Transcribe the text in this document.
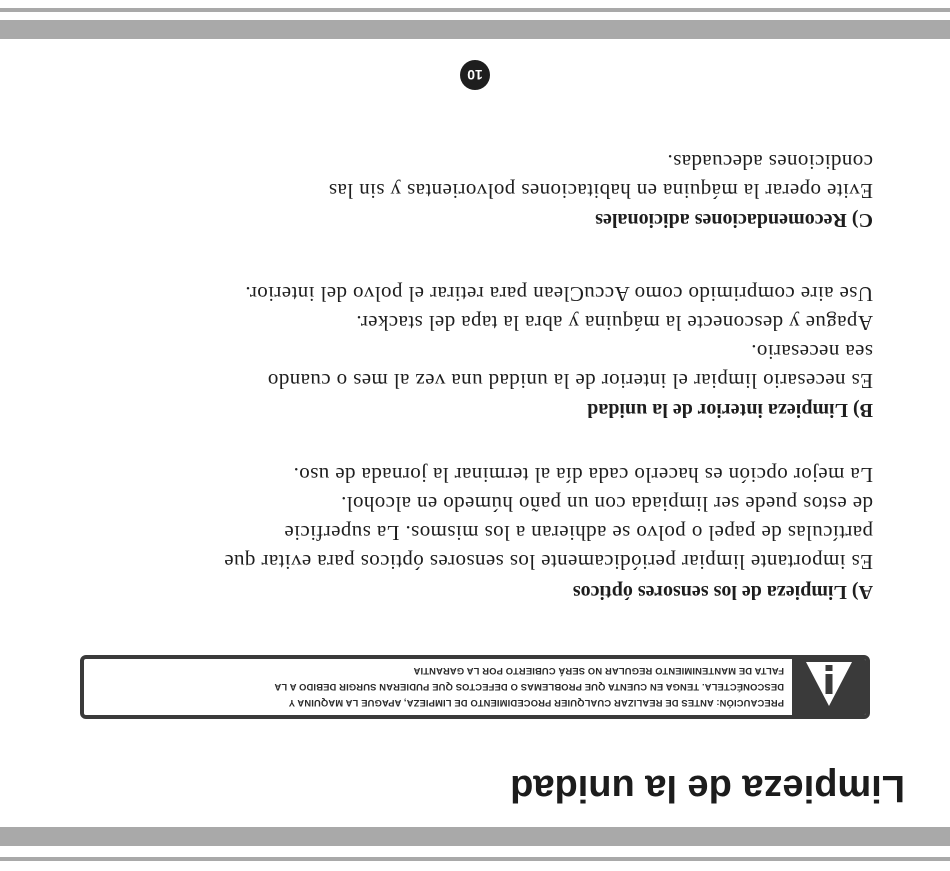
Limpieza de la unidad
PRECAUCIÓN: ANTES DE REALIZAR CUALQUIER PROCEDIMIENTO DE LIMPIEZA, APAGUE LA MAQUINA Y
DESCONÉCTELA. TENGA EN CUENTA QUE PROBLEMAS O DEFECTOS QUE PUDIERAN SURGIR DEBIDO A LA
FALTA DE MANTENIMIENTO REGULAR NO SERÁ CUBIERTO POR LA GARANTIA
A) Limpieza de los sensores ópticos
Es importante limpiar periódicamente los sensores ópticos para evitar que
partículas de papel o polvo se adhieran a los mismos. La superficie
de estos puede ser limpiada con un paño húmedo en alcohol.
La mejor opción es hacerlo cada día al terminar la jornada de uso.
B) Limpieza interior de la unidad
Es necesario limpiar el interior de la unidad una vez al mes o cuando
sea necesario.
Apague y desconecte la máquina y abra la tapa del stacker.
Use aire comprimido como AccuClean para retirar el polvo del interior.
C) Recomendaciones adicionales
Evite operar la máquina en habitaciones polvorientas y sin las
condiciones adecuadas.
10
